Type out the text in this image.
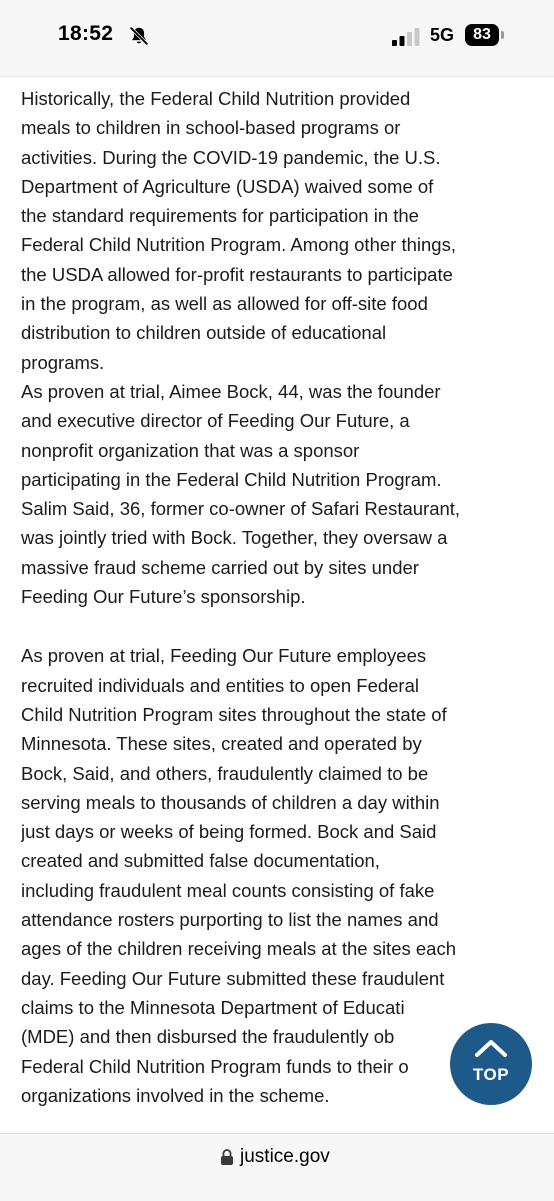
18:52	5G	83

Historically, the Federal Child Nutrition provided
meals to children in school-based programs or
activities. During the COVID-19 pandemic, the U.S.
Department of Agriculture (USDA) waived some of
the standard requirements for participation in the
Federal Child Nutrition Program. Among other things,
the USDA allowed for-profit restaurants to participate
in the program, as well as allowed for off-site food
distribution to children outside of educational
programs.

As proven at trial, Aimee Bock, 44, was the founder
and executive director of Feeding Our Future, a
nonprofit organization that was a sponsor
participating in the Federal Child Nutrition Program.
Salim Said, 36, former co-owner of Safari Restaurant,
was jointly tried with Bock. Together, they oversaw a
massive fraud scheme carried out by sites under
Feeding Our Future’s sponsorship.

As proven at trial, Feeding Our Future employees
recruited individuals and entities to open Federal
Child Nutrition Program sites throughout the state of
Minnesota. These sites, created and operated by
Bock, Said, and others, fraudulently claimed to be
serving meals to thousands of children a day within
just days or weeks of being formed. Bock and Said
created and submitted false documentation,
including fraudulent meal counts consisting of fake
attendance rosters purporting to list the names and
ages of the children receiving meals at the sites each
day. Feeding Our Future submitted these fraudulent
claims to the Minnesota Department of Educati
(MDE) and then disbursed the fraudulently ob
Federal Child Nutrition Program funds to their o
organizations involved in the scheme.

TOP
justice.gov
